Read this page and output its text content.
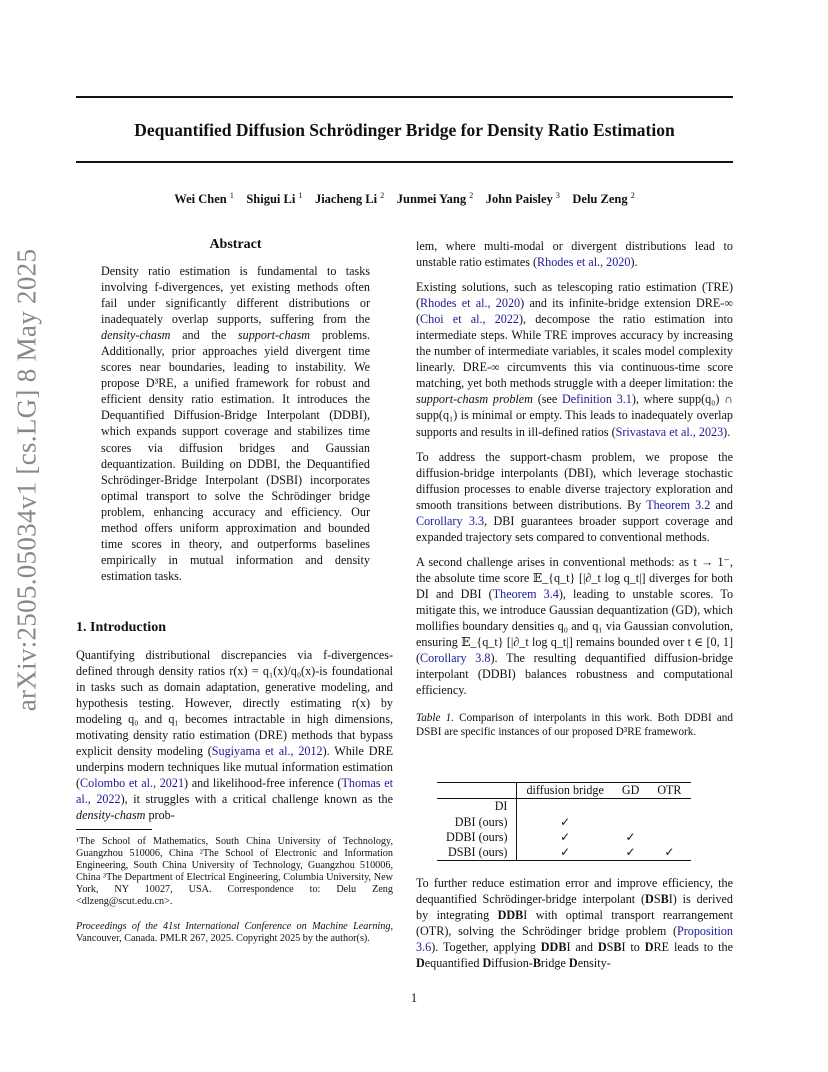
arXiv:2505.05034v1 [cs.LG] 8 May 2025
Dequantified Diffusion Schrödinger Bridge for Density Ratio Estimation
Wei Chen $^1$  Shigui Li $^1$  Jiacheng Li $^2$  Junmei Yang $^2$  John Paisley $^3$  Delu Zeng $^2$
Abstract
Density ratio estimation is fundamental to tasks involving f-divergences, yet existing methods often fail under significantly different distributions or inadequately overlap supports, suffering from the density-chasm and the support-chasm problems. Additionally, prior approaches yield divergent time scores near boundaries, leading to instability. We propose D³RE, a unified framework for robust and efficient density ratio estimation. It introduces the Dequantified Diffusion-Bridge Interpolant (DDBI), which expands support coverage and stabilizes time scores via diffusion bridges and Gaussian dequantization. Building on DDBI, the Dequantified Schrödinger-Bridge Interpolant (DSBI) incorporates optimal transport to solve the Schrödinger bridge problem, enhancing accuracy and efficiency. Our method offers uniform approximation and bounded time scores in theory, and outperforms baselines empirically in mutual information and density estimation tasks.
1. Introduction
Quantifying distributional discrepancies via f-divergences-defined through density ratios r(x) = q₁(x)/q₀(x)-is foundational in tasks such as domain adaptation, generative modeling, and hypothesis testing. However, directly estimating r(x) by modeling q₀ and q₁ becomes intractable in high dimensions, motivating density ratio estimation (DRE) methods that bypass explicit density modeling (Sugiyama et al., 2012). While DRE underpins modern techniques like mutual information estimation (Colombo et al., 2021) and likelihood-free inference (Thomas et al., 2022), it struggles with a critical challenge known as the density-chasm prob-

¹The School of Mathematics, South China University of Technology, Guangzhou 510006, China ²The School of Electronic and Information Engineering, South China University of Technology, Guangzhou 510006, China ³The Department of Electrical Engineering, Columbia University, New York, NY 10027, USA. Correspondence to: Delu Zeng <dlzeng@scut.edu.cn>.

Proceedings of the 41st International Conference on Machine Learning, Vancouver, Canada. PMLR 267, 2025. Copyright 2025 by the author(s).

lem, where multi-modal or divergent distributions lead to unstable ratio estimates (Rhodes et al., 2020).

Existing solutions, such as telescoping ratio estimation (TRE) (Rhodes et al., 2020) and its infinite-bridge extension DRE-∞ (Choi et al., 2022), decompose the ratio estimation into intermediate steps. While TRE improves accuracy by increasing the number of intermediate variables, it scales model complexity linearly. DRE-∞ circumvents this via continuous-time score matching, yet both methods struggle with a deeper limitation: the support-chasm problem (see Definition 3.1), where supp(q₀) ∩ supp(q₁) is minimal or empty. This leads to inadequately overlap supports and results in ill-defined ratios (Srivastava et al., 2023).

To address the support-chasm problem, we propose the diffusion-bridge interpolants (DBI), which leverage stochastic diffusion processes to enable diverse trajectory exploration and smooth transitions between distributions. By Theorem 3.2 and Corollary 3.3, DBI guarantees broader support coverage and expanded trajectory sets compared to conventional methods.

A second challenge arises in conventional methods: as t → 1⁻, the absolute time score 𝔼_{q_t} [|∂_t log q_t|] diverges for both DI and DBI (Theorem 3.4), leading to unstable scores. To mitigate this, we introduce Gaussian dequantization (GD), which mollifies boundary densities q₀ and q₁ via Gaussian convolution, ensuring 𝔼_{q_t} [|∂_t log q_t|] remains bounded over t ∈ [0, 1] (Corollary 3.8). The resulting dequantified diffusion-bridge interpolant (DDBI) balances robustness and computational efficiency.

Table 1. Comparison of interpolants in this work. Both DDBI and DSBI are specific instances of our proposed D³RE framework.
	diffusion bridge	GD	OTR
DI			
DBI (ours)	✓		
DDBI (ours)	✓	✓	
DSBI (ours)	✓	✓	✓
To further reduce estimation error and improve efficiency, the dequantified Schrödinger-bridge interpolant (DSBI) is derived by integrating DDBI with optimal transport rearrangement (OTR), solving the Schrödinger bridge problem (Proposition 3.6). Together, applying DDBI and DSBI to DRE leads to the Dequantified Diffusion-Bridge Density-
1
